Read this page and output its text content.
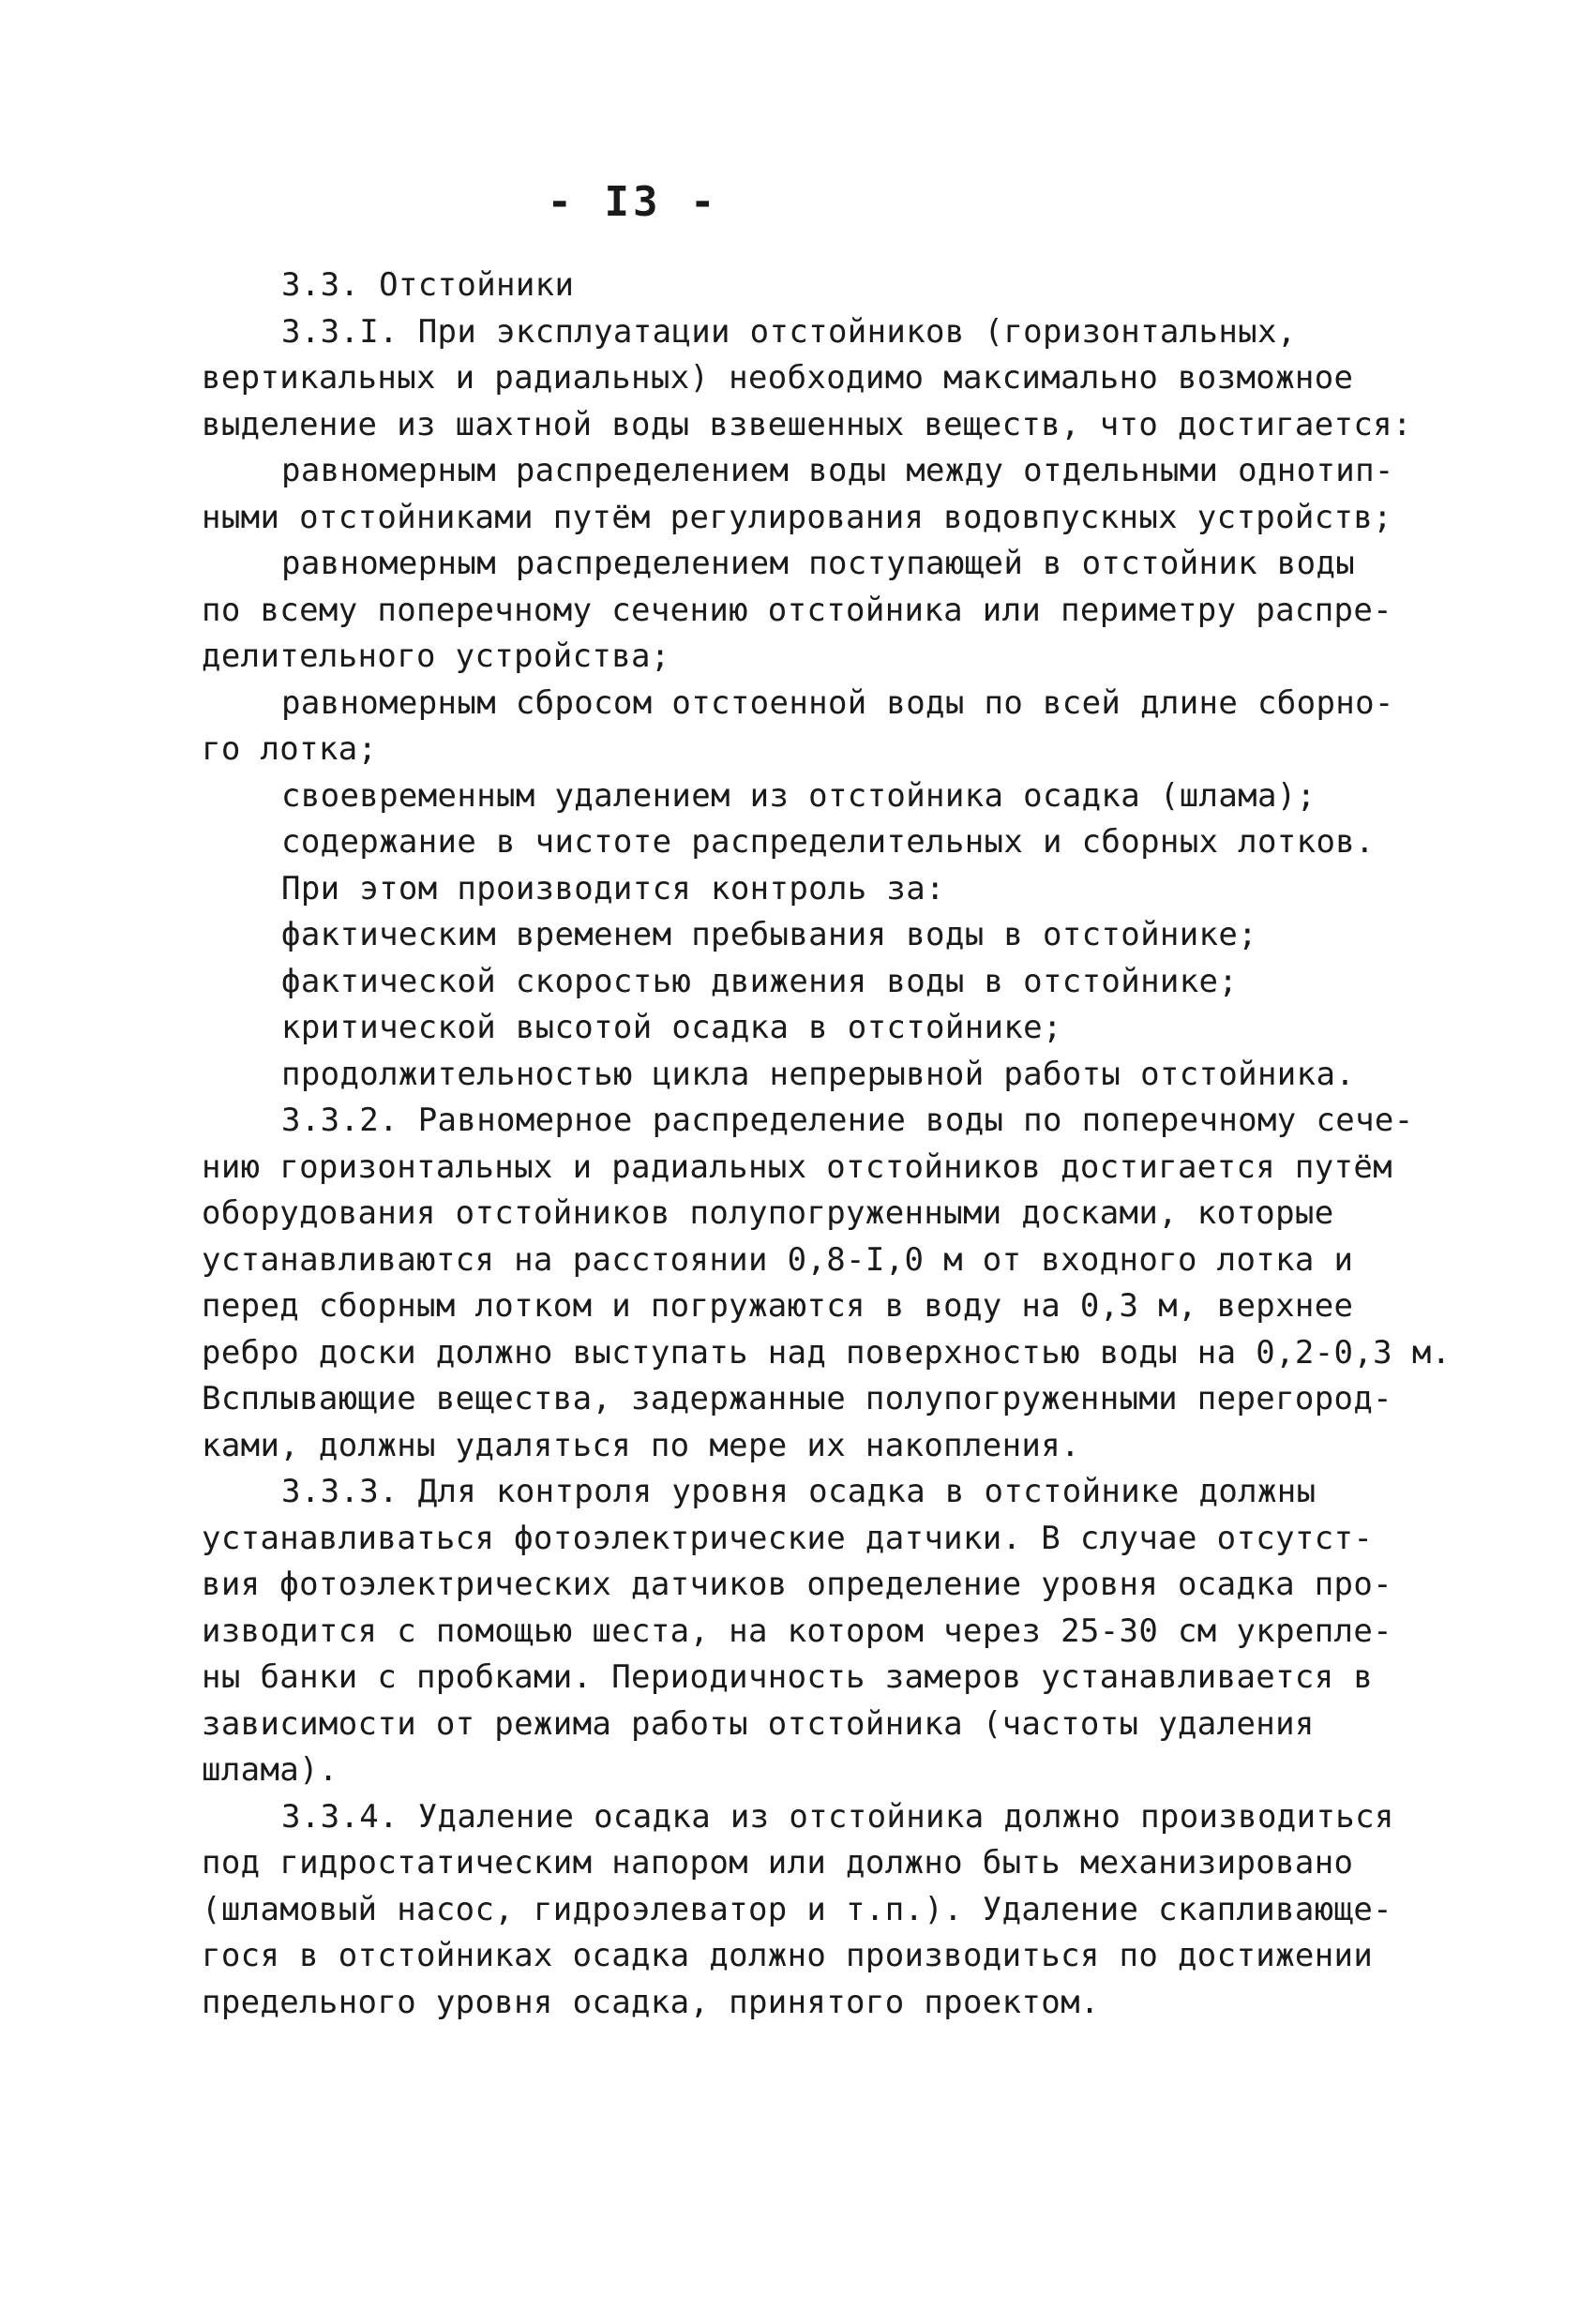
- I3 -
3.3. Отстойники
3.3.I. При эксплуатации отстойников (горизонтальных,
вертикальных и радиальных) необходимо максимально возможное
выделение из шахтной воды взвешенных веществ, что достигается:
равномерным распределением воды между отдельными однотип-
ными отстойниками путём регулирования водовпускных устройств;
равномерным распределением поступающей в отстойник воды
по всему поперечному сечению отстойника или периметру распре-
делительного устройства;
равномерным сбросом отстоенной воды по всей длине сборно-
го лотка;
своевременным удалением из отстойника осадка (шлама);
содержание в чистоте распределительных и сборных лотков.
При этом производится контроль за:
фактическим временем пребывания воды в отстойнике;
фактической скоростью движения воды в отстойнике;
критической высотой осадка в отстойнике;
продолжительностью цикла непрерывной работы отстойника.
3.3.2. Равномерное распределение воды по поперечному сече-
нию горизонтальных и радиальных отстойников достигается путём
оборудования отстойников полупогруженными досками, которые
устанавливаются на расстоянии 0,8-I,0 м от входного лотка и
перед сборным лотком и погружаются в воду на 0,3 м, верхнее
ребро доски должно выступать над поверхностью воды на 0,2-0,3 м.
Всплывающие вещества, задержанные полупогруженными перегород-
ками, должны удаляться по мере их накопления.
3.3.3. Для контроля уровня осадка в отстойнике должны
устанавливаться фотоэлектрические датчики. В случае отсутст-
вия фотоэлектрических датчиков определение уровня осадка про-
изводится с помощью шеста, на котором через 25-30 см укрепле-
ны банки с пробками. Периодичность замеров устанавливается в
зависимости от режима работы отстойника (частоты удаления
шлама).
3.3.4. Удаление осадка из отстойника должно производиться
под гидростатическим напором или должно быть механизировано
(шламовый насос, гидроэлеватор и т.п.). Удаление скапливающе-
гося в отстойниках осадка должно производиться по достижении
предельного уровня осадка, принятого проектом.
